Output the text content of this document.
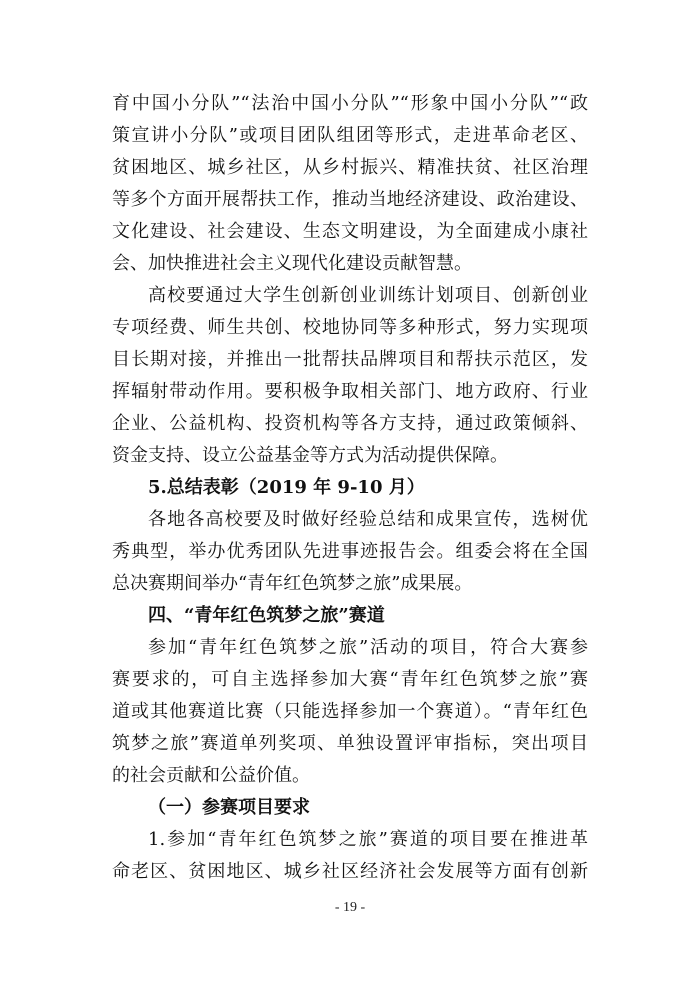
育中国小分队”“法治中国小分队”“形象中国小分队”“政
策宣讲小分队”或项目团队组团等形式，走进革命老区、
贫困地区、城乡社区，从乡村振兴、精准扶贫、社区治理
等多个方面开展帮扶工作，推动当地经济建设、政治建设、
文化建设、社会建设、生态文明建设，为全面建成小康社
会、加快推进社会主义现代化建设贡献智慧。
高校要通过大学生创新创业训练计划项目、创新创业
专项经费、师生共创、校地协同等多种形式，努力实现项
目长期对接，并推出一批帮扶品牌项目和帮扶示范区，发
挥辐射带动作用。要积极争取相关部门、地方政府、行业
企业、公益机构、投资机构等各方支持，通过政策倾斜、
资金支持、设立公益基金等方式为活动提供保障。
5.总结表彰（2019 年 9-10 月）
各地各高校要及时做好经验总结和成果宣传，选树优
秀典型，举办优秀团队先进事迹报告会。组委会将在全国
总决赛期间举办“青年红色筑梦之旅”成果展。
四、“青年红色筑梦之旅”赛道
参加“青年红色筑梦之旅”活动的项目，符合大赛参
赛要求的，可自主选择参加大赛“青年红色筑梦之旅”赛
道或其他赛道比赛（只能选择参加一个赛道）。“青年红色
筑梦之旅”赛道单列奖项、单独设置评审指标，突出项目
的社会贡献和公益价值。
（一）参赛项目要求
1.参加“青年红色筑梦之旅”赛道的项目要在推进革
命老区、贫困地区、城乡社区经济社会发展等方面有创新
- 19 -
